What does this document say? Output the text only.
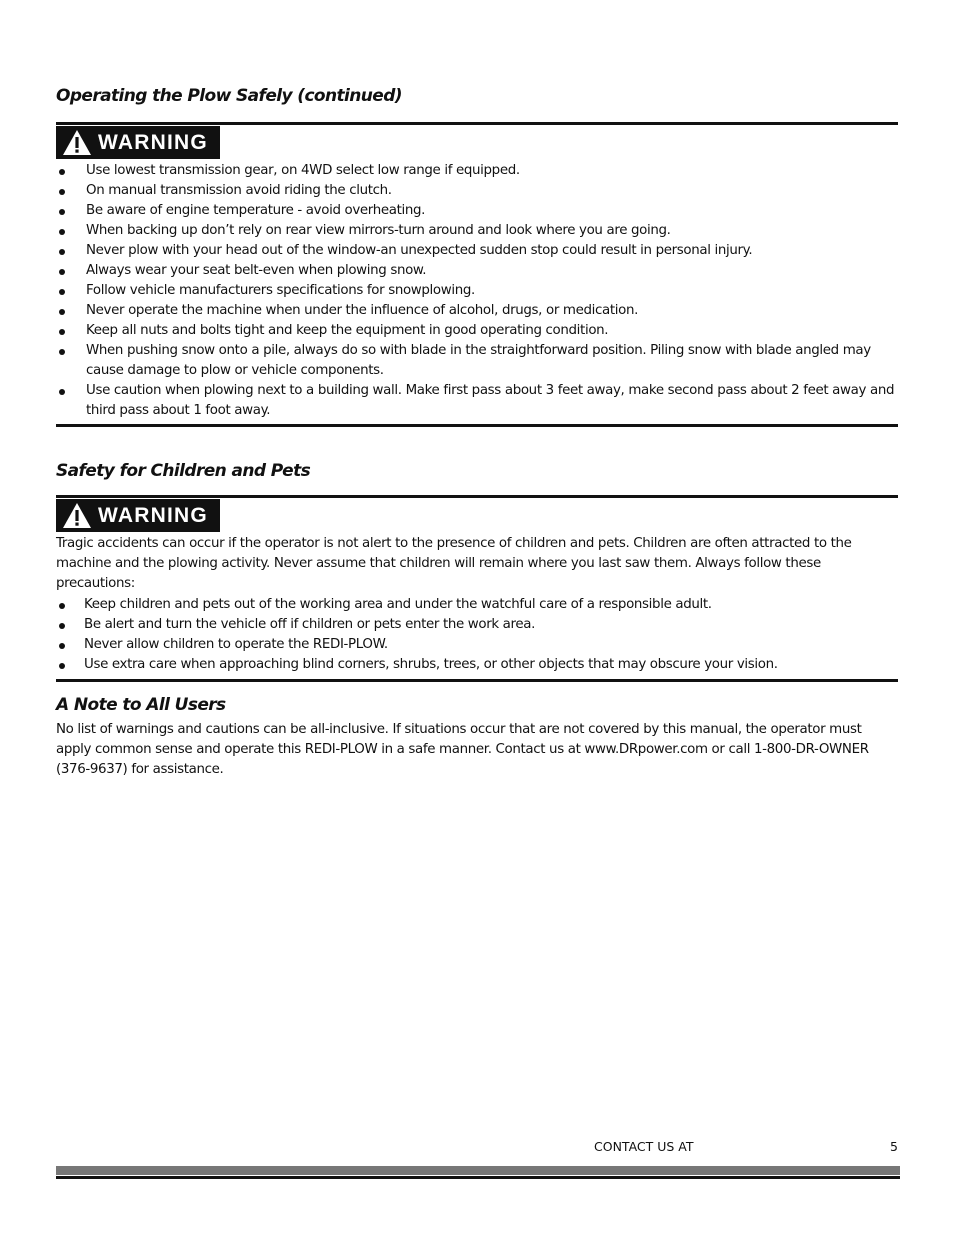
Operating the Plow Safely (continued)
WARNING
Use lowest transmission gear, on 4WD select low range if equipped.
On manual transmission avoid riding the clutch.
Be aware of engine temperature - avoid overheating.
When backing up don’t rely on rear view mirrors-turn around and look where you are going.
Never plow with your head out of the window-an unexpected sudden stop could result in personal injury.
Always wear your seat belt-even when plowing snow.
Follow vehicle manufacturers specifications for snowplowing.
Never operate the machine when under the influence of alcohol, drugs, or medication.
Keep all nuts and bolts tight and keep the equipment in good operating condition.
When pushing snow onto a pile, always do so with blade in the straightforward position. Piling snow with blade angled may cause damage to plow or vehicle components.
Use caution when plowing next to a building wall. Make first pass about 3 feet away, make second pass about 2 feet away and third pass about 1 foot away.
Safety for Children and Pets
WARNING

Tragic accidents can occur if the operator is not alert to the presence of children and pets. Children are often attracted to the machine and the plowing activity. Never assume that children will remain where you last saw them. Always follow these precautions:

Keep children and pets out of the working area and under the watchful care of a responsible adult.
Be alert and turn the vehicle off if children or pets enter the work area.
Never allow children to operate the REDI-PLOW.
Use extra care when approaching blind corners, shrubs, trees, or other objects that may obscure your vision.
A Note to All Users

No list of warnings and cautions can be all-inclusive. If situations occur that are not covered by this manual, the operator must apply common sense and operate this REDI-PLOW in a safe manner. Contact us at www.DRpower.com or call 1-800-DR-OWNER (376-9637) for assistance.

CONTACT US AT	5
